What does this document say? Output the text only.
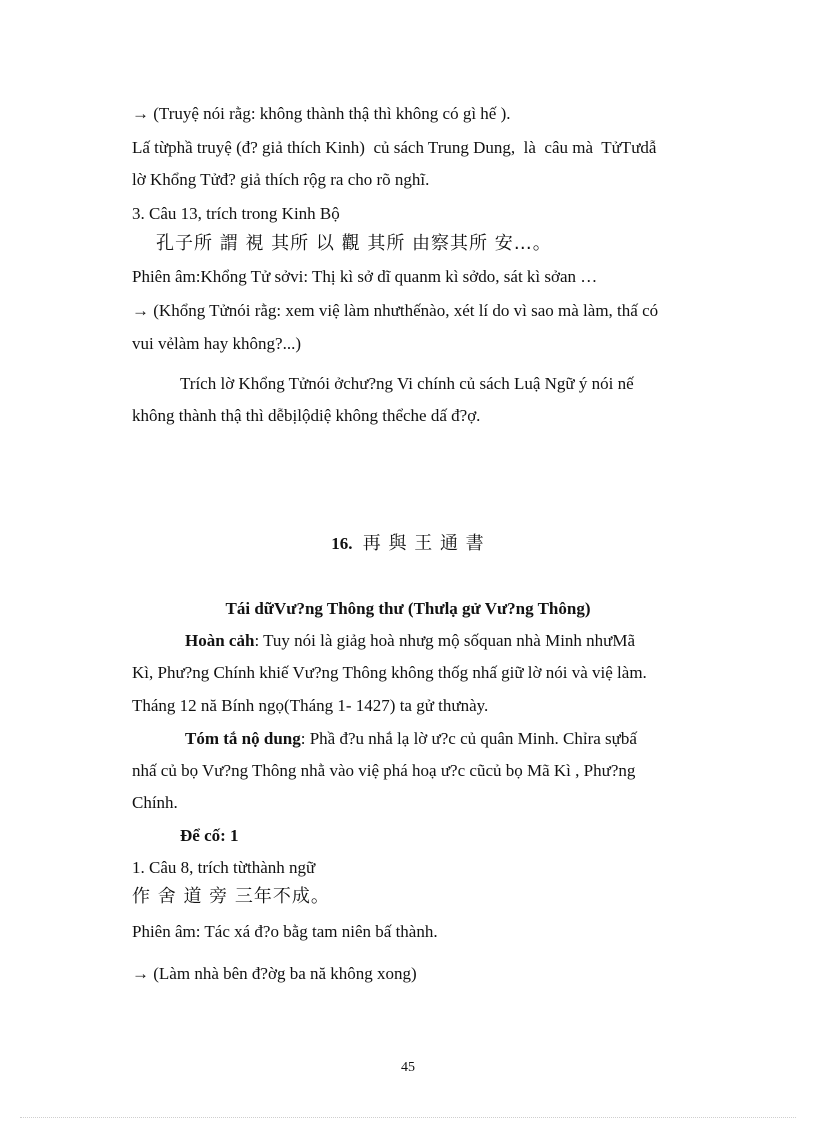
→ (Truyệ nói rằg: không thành thậ thì không có gì hế ).
Lấ từphầ truyệ (đ? giả thích Kinh)  củ sách Trung Dung,  là  câu mà  TửTưdẫ
lờ Khổng Tửđ? giả thích rộg ra cho rõ nghĩ.
3. Câu 13, trích trong Kinh Bộ
孔子所 謂 視 其所 以 觀 其所 由察其所 安…。
Phiên âm:Khổng Tử sởvi: Thị kì sở dĩ quanm kì sởdo, sát kì sởan …
→ (Khổng Tửnói rằg: xem việ làm nhưthếnào, xét lí do vì sao mà làm, thấ có
vui vẻlàm hay không?...)
Trích lờ Khổng Tửnói ởchư?ng Vi chính củ sách Luậ Ngữ ý nói nế
không thành thậ thì dễbịlộdiệ không thểche dấ đ?ợ.
16. 再 與 王 通 書
Tái dữVư?ng Thông thư (Thưlạ gử Vư?ng Thông)
Hoàn cảh: Tuy nói là giảg hoà nhưg mộ sốquan nhà Minh nhưMã
Kì, Phư?ng Chính khiế Vư?ng Thông không thốg nhấ giữ lờ nói và việ làm.
Tháng 12 nă Bính ngọ(Tháng 1- 1427) ta gử thưnày.
Tóm tắ nộ dung: Phầ đ?u nhắ lạ lờ ư?c củ quân Minh. Chỉra sựbấ
nhấ củ bọ Vư?ng Thông nhằ vào việ phá hoạ ư?c cũcủ bọ Mã Kì , Phư?ng
Chính.
Để cố: 1
1. Câu 8, trích từthành ngữ
作 舍 道 旁 三年不成。
Phiên âm: Tác xá đ?o bằg tam niên bấ thành.
→ (Làm nhà bên đ?ờg ba nă không xong)
45
